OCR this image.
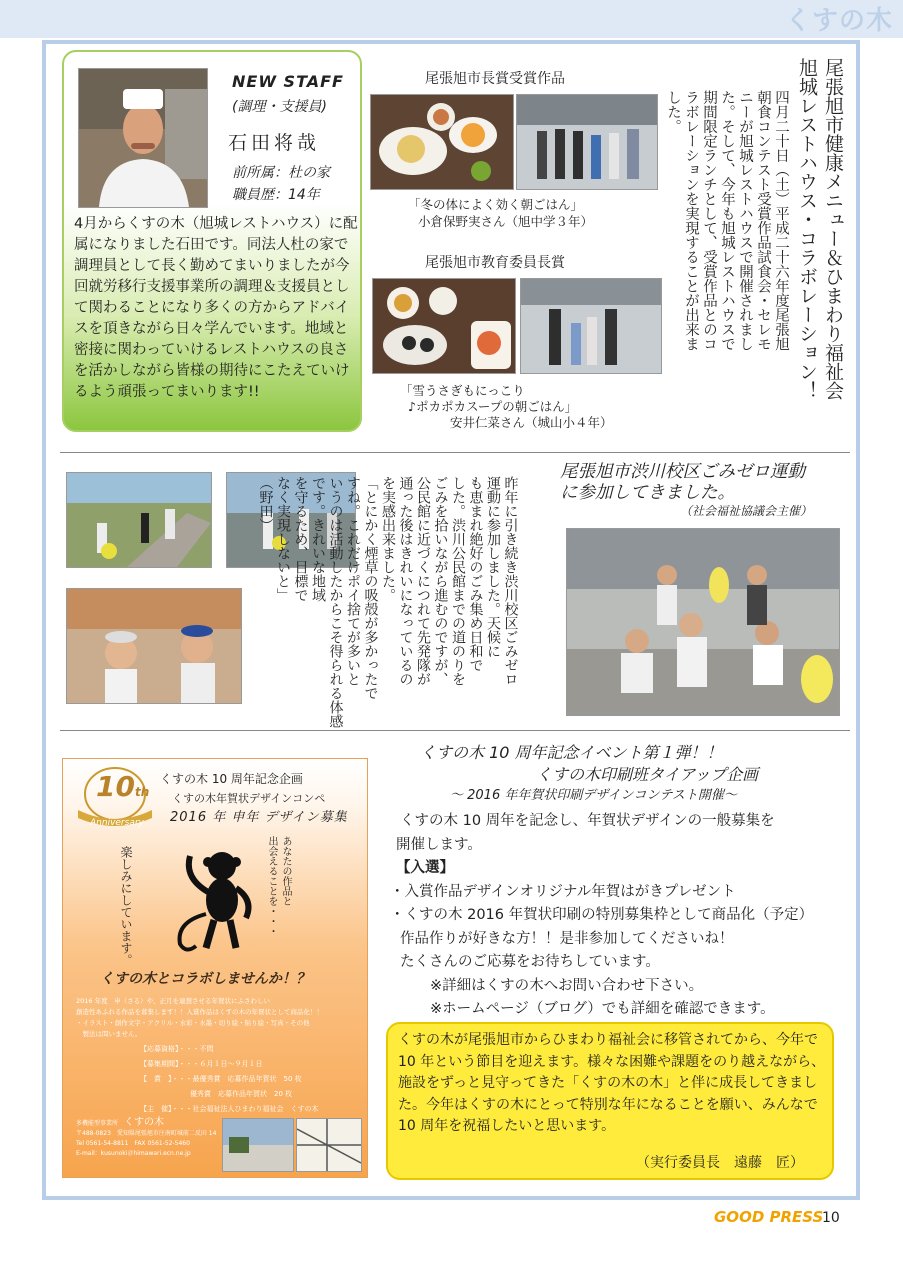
くすの木
NEW STAFF
(調理・支援員)
石田将哉
前所属：杜の家
職員歴：14年
4月からくすの木（旭城レストハウス）に配属になりました石田です。同法人杜の家で調理員として長く勤めてまいりましたが今回就労移行支援事業所の調理＆支援員として関わることになり多くの方からアドバイスを頂きながら日々学んでいます。地域と密接に関わっていけるレストハウスの良さを活かしながら皆様の期待にこたえていけるよう頑張ってまいります!!
尾張旭市長賞受賞作品
「冬の体によく効く朝ごはん」
小倉保野実さん（旭中学３年）
尾張旭市教育委員長賞
「雪うさぎもにっこり
♪ポカポカスープの朝ごはん」
安井仁菜さん（城山小４年）
尾張旭市健康メニュー＆ひまわり福祉会
旭城レストハウス・コラボレーション！
四月二十日（土）平成二十六年度尾張旭
朝食コンテスト受賞作品試食会・セレモ
ニーが旭城レストハウスで開催されまし
た。そして、今年も旭城レストハウスで
期間限定ランチとして、受賞作品とのコ
ラボレーションを実現することが出来ま
した。
昨年に引き続き渋川校区ごみゼロ
運動に参加しました。天候に
も恵まれ絶好のごみ集め日和で
した。渋川公民館までの道のりを
ごみを拾いながら進むのですが、
公民館に近づくにつれて先発隊が
通った後はきれいになっているの
を実感出来ました。
「とにかく煙草の吸殻が多かったで
すね。これだけポイ捨てが多いと
いうのは活動したからこそ得られる体感
です。きれいな地域
を守るため、目標で
なく実現しないと」
（野田）
尾張旭市渋川校区ごみゼロ運動
に参加してきました。
（社会福祉協議会主催）
10th
Anniversary
くすの木 10 周年記念企画
くすの木年賀状デザインコンペ
2016 年 申年 デザイン募集
楽しみにしています。	あなたの作品と
出会えることを・・・
くすの木とコラボしませんか！？
2016 年度　申（さる）や、正月を連想させる年賀状にふさわしい
創造性あふれる作品を募集します！！入賞作品はくすの木の年賀状として商品化！！
・イラスト・創作文字・アクリル・水彩・水墨・切り絵・貼り絵・写真・その他
　製法は問いません。
【応募資格】・・・不問
【募集期間】・・・６月１日～９月１日
【　賞　】・・・最優秀賞　応募作品年賀状　50 枚
優秀賞　応募作品年賀状　20 枚
【主　催】・・・社会福祉法人ひまわり福祉会　くすの木
多機能型事業所　 くすの木
〒488-0823　愛知県尾張旭市庄南町城前二反田 14
Tel 0561-54-8811　FAX 0561-52-5460
E-mail：kusunoki＠himawari.ecn.ne.jp
くすの木 10 周年記念イベント第１弾！！
くすの木印刷班タイアップ企画
～ 2016 年年賀状印刷デザインコンテスト開催～
くすの木 10 周年を記念し、年賀状デザインの一般募集を
開催します。
【入選】
・入賞作品デザインオリジナル年賀はがきプレゼント
・くすの木 2016 年賀状印刷の特別募集枠として商品化（予定）
作品作りが好きな方！！是非参加してくださいね！
たくさんのご応募をお待ちしています。
※詳細はくすの木へお問い合わせ下さい。
※ホームページ（ブログ）でも詳細を確認できます。
くすの木が尾張旭市からひまわり福祉会に移管されてから、今年で 10 年という節目を迎えます。様々な困難や課題をのり越えながら、施設をずっと見守ってきた「くすの木の木」と伴に成長してきました。今年はくすの木にとって特別な年になることを願い、みんなで 10 周年を祝福したいと思います。
（実行委員長　遠藤　匠）
GOOD PRESS
10
